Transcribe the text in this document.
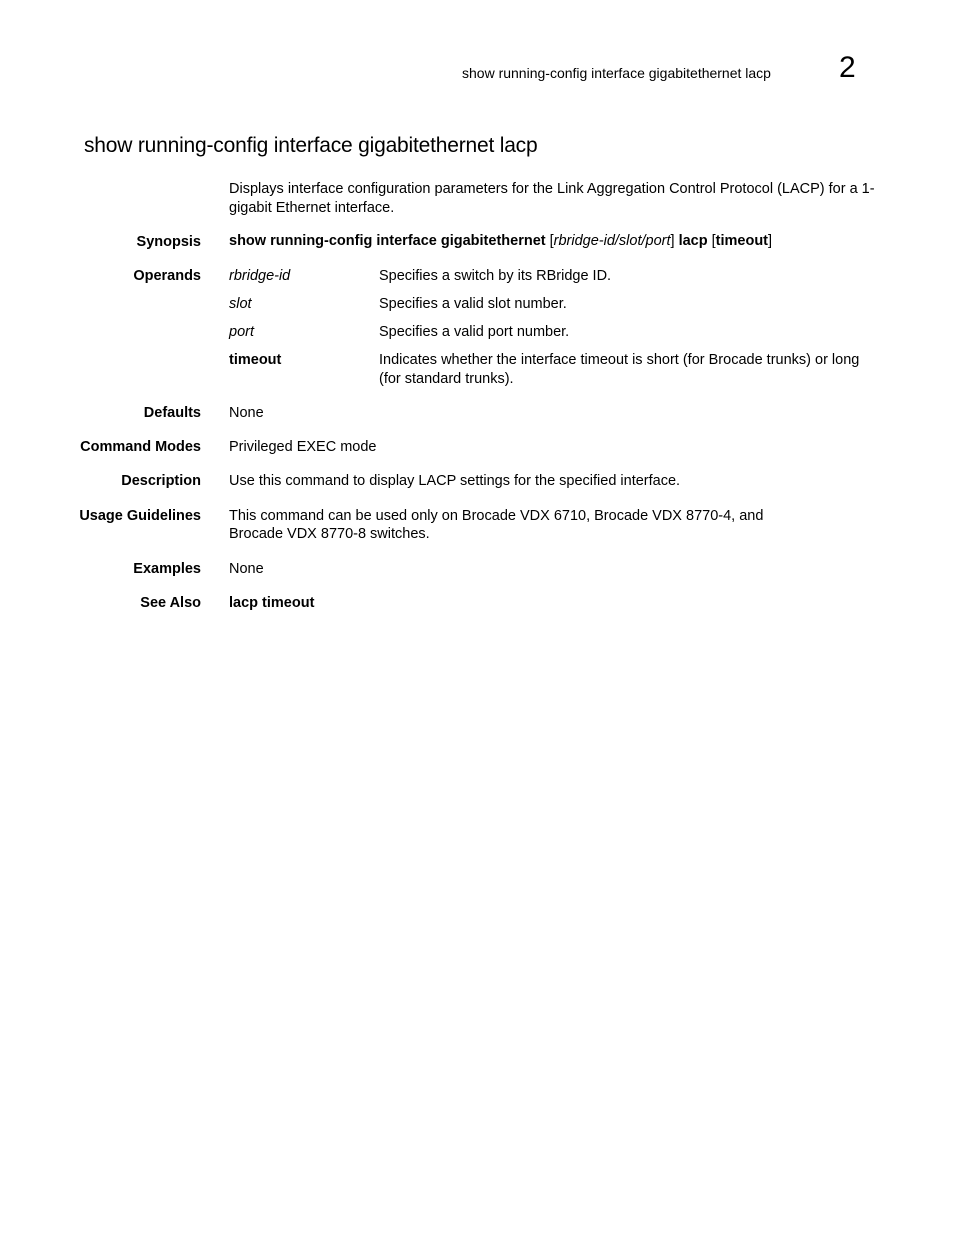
show running-config interface gigabitethernet lacp 2
show running-config interface gigabitethernet lacp
Displays interface configuration parameters for the Link Aggregation Control Protocol (LACP) for a 1-gigabit Ethernet interface.
Synopsis show running-config interface gigabitethernet [rbridge-id/slot/port] lacp [timeout]
Operands rbridge-id	Specifies a switch by its RBridge ID.
slot	Specifies a valid slot number.
port	Specifies a valid port number.
timeout	Indicates whether the interface timeout is short (for Brocade trunks) or long (for standard trunks).
Defaults None
Command Modes Privileged EXEC mode
Description Use this command to display LACP settings for the specified interface.
Usage Guidelines This command can be used only on Brocade VDX 6710, Brocade VDX 8770-4, and
Brocade VDX 8770-8 switches.
Examples None
See Also lacp timeout
